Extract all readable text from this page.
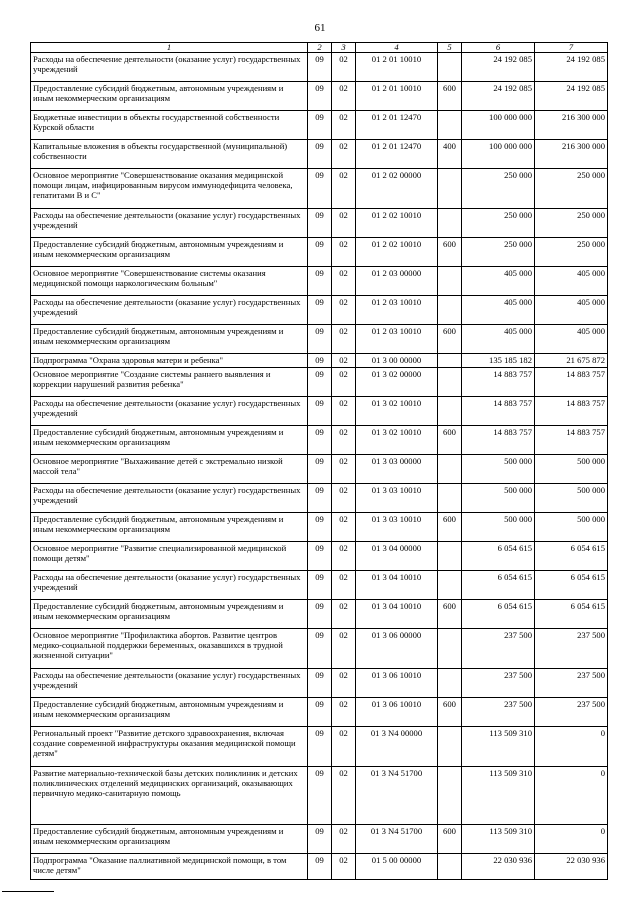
61
1	2	3	4	5	6	7
Расходы на обеспечение деятельности (оказание услуг) государственных учреждений	09	02	01 2 01 10010		24 192 085	24 192 085
Предоставление субсидий бюджетным, автономным учреждениям и иным некоммерческим организациям	09	02	01 2 01 10010	600	24 192 085	24 192 085
Бюджетные инвестиции в объекты государственной собственности Курской области	09	02	01 2 01 12470		100 000 000	216 300 000
Капитальные вложения в объекты государственной (муниципальной) собственности	09	02	01 2 01 12470	400	100 000 000	216 300 000
Основное мероприятие "Совершенствование оказания медицинской помощи лицам, инфицированным вирусом иммунодефицита человека, гепатитами В и С"	09	02	01 2 02 00000		250 000	250 000
Расходы на обеспечение деятельности (оказание услуг) государственных учреждений	09	02	01 2 02 10010		250 000	250 000
Предоставление субсидий бюджетным, автономным учреждениям и иным некоммерческим организациям	09	02	01 2 02 10010	600	250 000	250 000
Основное мероприятие "Совершенствование системы оказания медицинской помощи наркологическим больным"	09	02	01 2 03 00000		405 000	405 000
Расходы на обеспечение деятельности (оказание услуг) государственных учреждений	09	02	01 2 03 10010		405 000	405 000
Предоставление субсидий бюджетным, автономным учреждениям и иным некоммерческим организациям	09	02	01 2 03 10010	600	405 000	405 000
Подпрограмма "Охрана здоровья матери и ребенка"	09	02	01 3 00 00000		135 185 182	21 675 872
Основное мероприятие "Создание системы раннего выявления и коррекции нарушений развития ребенка"	09	02	01 3 02 00000		14 883 757	14 883 757
Расходы на обеспечение деятельности (оказание услуг) государственных учреждений	09	02	01 3 02 10010		14 883 757	14 883 757
Предоставление субсидий бюджетным, автономным учреждениям и иным некоммерческим организациям	09	02	01 3 02 10010	600	14 883 757	14 883 757
Основное мероприятие "Выхаживание детей с экстремально низкой массой тела"	09	02	01 3 03 00000		500 000	500 000
Расходы на обеспечение деятельности (оказание услуг) государственных учреждений	09	02	01 3 03 10010		500 000	500 000
Предоставление субсидий бюджетным, автономным учреждениям и иным некоммерческим организациям	09	02	01 3 03 10010	600	500 000	500 000
Основное мероприятие "Развитие специализированной медицинской помощи детям"	09	02	01 3 04 00000		6 054 615	6 054 615
Расходы на обеспечение деятельности (оказание услуг) государственных учреждений	09	02	01 3 04 10010		6 054 615	6 054 615
Предоставление субсидий бюджетным, автономным учреждениям и иным некоммерческим организациям	09	02	01 3 04 10010	600	6 054 615	6 054 615
Основное мероприятие "Профилактика абортов. Развитие центров медико-социальной поддержки беременных, оказавшихся в трудной жизненной ситуации"	09	02	01 3 06 00000		237 500	237 500
Расходы на обеспечение деятельности (оказание услуг) государственных учреждений	09	02	01 3 06 10010		237 500	237 500
Предоставление субсидий бюджетным, автономным учреждениям и иным некоммерческим организациям	09	02	01 3 06 10010	600	237 500	237 500
Региональный проект "Развитие детского здравоохранения, включая создание современной инфраструктуры оказания медицинской помощи детям"	09	02	01 3 N4 00000		113 509 310	0
Развитие материально-технической базы детских поликлиник и детских поликлинических отделений медицинских организаций, оказывающих первичную медико-санитарную помощь	09	02	01 3 N4 51700		113 509 310	0
Предоставление субсидий бюджетным, автономным учреждениям и иным некоммерческим организациям	09	02	01 3 N4 51700	600	113 509 310	0
Подпрограмма "Оказание паллиативной медицинской помощи, в том числе детям"	09	02	01 5 00 00000		22 030 936	22 030 936
